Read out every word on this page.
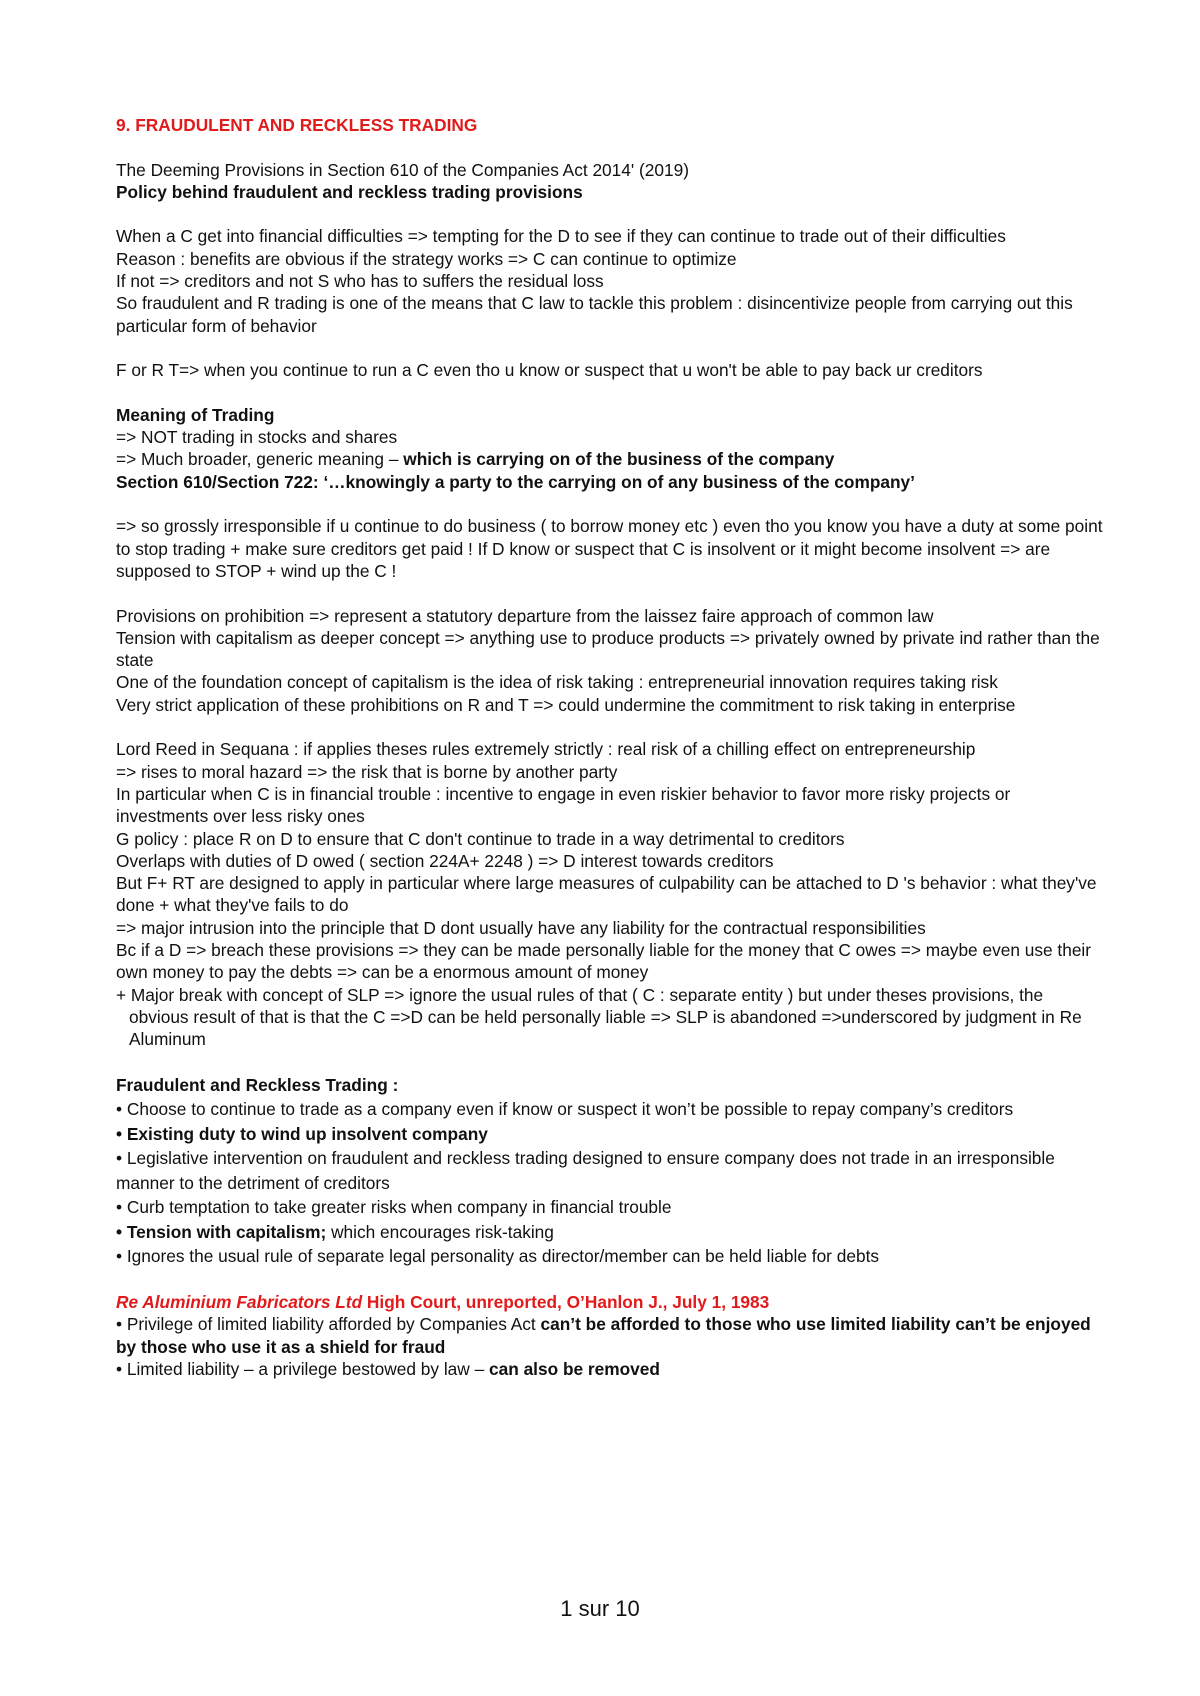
9. FRAUDULENT AND RECKLESS TRADING

The Deeming Provisions in Section 610 of the Companies Act 2014' (2019)

Policy behind fraudulent and reckless trading provisions

When a C get into financial difficulties => tempting for the D to see if they can continue to trade out of their difficulties

Reason : benefits are obvious if the strategy works => C can continue to optimize

If not => creditors and not S who has to suffers the residual loss

So fraudulent and R trading is one of the means that C law to tackle this problem : disincentivize people from carrying out this particular form of behavior

F or R T=> when you continue to run a C even tho u know or suspect that u won't be able to pay back ur creditors

Meaning of Trading

=> NOT trading in stocks and shares

=> Much broader, generic meaning – which is carrying on of the business of the company

Section 610/Section 722: ‘…knowingly a party to the carrying on of any business of the company’

=> so grossly irresponsible if u continue to do business ( to borrow money etc ) even tho you know you have a duty at some point to stop trading + make sure creditors get paid ! If D know or suspect that C is insolvent or it might become insolvent => are supposed to STOP + wind up the C !

Provisions on prohibition => represent a statutory departure from the laissez faire approach of common law

Tension with capitalism as deeper concept => anything use to produce products => privately owned by private ind rather than the state

One of the foundation concept of capitalism is the idea of risk taking : entrepreneurial innovation requires taking risk

Very strict application of these prohibitions on R and T => could undermine the commitment to risk taking in enterprise

Lord Reed in Sequana : if applies theses rules extremely strictly : real risk of a chilling effect on entrepreneurship

=> rises to moral hazard => the risk that is borne by another party

In particular when C is in financial trouble : incentive to engage in even riskier behavior to favor more risky projects or investments over less risky ones

G policy : place R on D to ensure that C don't continue to trade in a way detrimental to creditors

Overlaps with duties of D owed ( section 224A+ 2248 ) => D interest towards creditors

But F+ RT are designed to apply in particular where large measures of culpability can be attached to D 's behavior : what they've done + what they've fails to do

=> major intrusion into the principle that D dont usually have any liability for the contractual responsibilities

Bc if a D => breach these provisions => they can be made personally liable for the money that C owes => maybe even use their own money to pay the debts => can be a enormous amount of money

+ Major break with concept of SLP => ignore the usual rules of that ( C : separate entity ) but under theses provisions, the obvious result of that is that the C =>D can be held personally liable => SLP is abandoned =>underscored by judgment in Re Aluminum

Fraudulent and Reckless Trading :

• Choose to continue to trade as a company even if know or suspect it won’t be possible to repay company’s creditors

• Existing duty to wind up insolvent company

• Legislative intervention on fraudulent and reckless trading designed to ensure company does not trade in an irresponsible manner to the detriment of creditors

• Curb temptation to take greater risks when company in financial trouble

• Tension with capitalism; which encourages risk-taking

• Ignores the usual rule of separate legal personality as director/member can be held liable for debts

Re Aluminium Fabricators Ltd High Court, unreported, O’Hanlon J., July 1, 1983

• Privilege of limited liability afforded by Companies Act can’t be afforded to those who use limited liability can’t be enjoyed by those who use it as a shield for fraud

• Limited liability – a privilege bestowed by law – can also be removed

1 sur 10
